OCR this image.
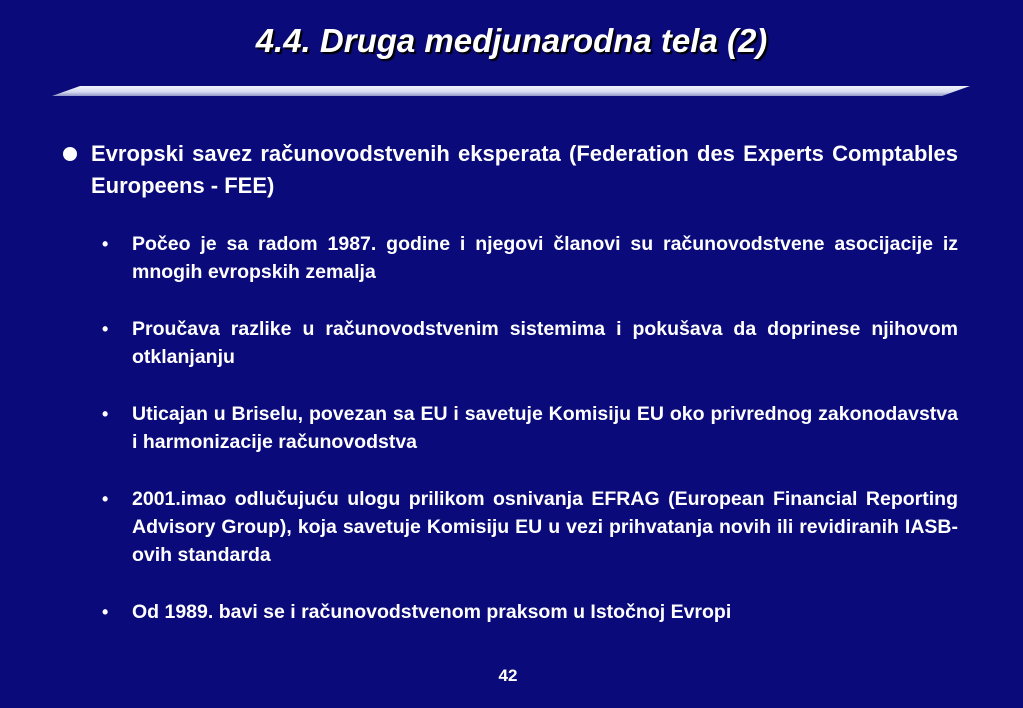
4.4. Druga medjunarodna tela (2)
Evropski savez računovodstvenih eksperata (Federation des Experts Comptables Europeens - FEE)
• Počeo je sa radom 1987. godine i njegovi članovi su računovodstvene asocijacije iz mnogih evropskih zemalja
• Proučava razlike u računovodstvenim sistemima i pokušava da doprinese njihovom otklanjanju
• Uticajan u Briselu, povezan sa EU i savetuje Komisiju EU oko privrednog zakonodavstva i harmonizacije računovodstva
• 2001.imao odlučujuću ulogu prilikom osnivanja EFRAG (European Financial Reporting Advisory Group), koja savetuje Komisiju EU u vezi prihvatanja novih ili revidiranih IASB-ovih standarda
• Od 1989. bavi se i računovodstvenom praksom u Istočnoj Evropi
42
